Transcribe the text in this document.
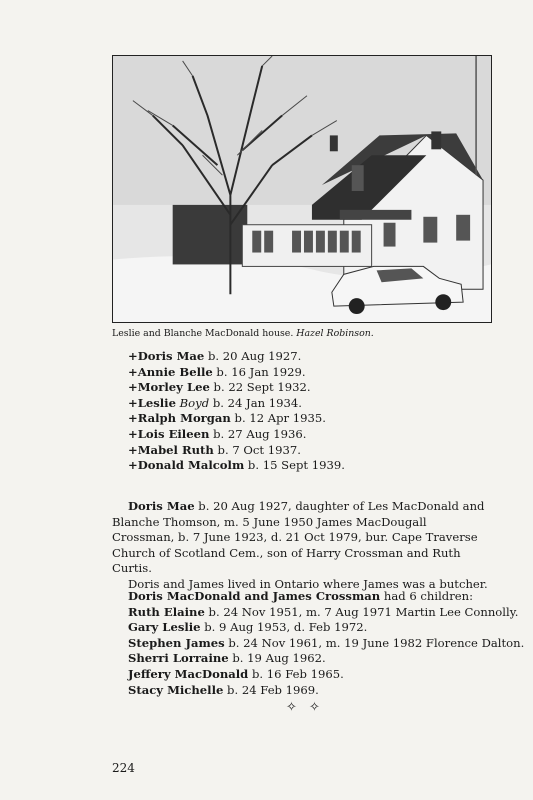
Leslie and Blanche MacDonald house. Hazel Robinson.
+Doris Mae b. 20 Aug 1927.
+Annie Belle b. 16 Jan 1929.
+Morley Lee b. 22 Sept 1932.
+Leslie Boyd b. 24 Jan 1934.
+Ralph Morgan b. 12 Apr 1935.
+Lois Eileen b. 27 Aug 1936.
+Mabel Ruth b. 7 Oct 1937.
+Donald Malcolm b. 15 Sept 1939.

Doris Mae b. 20 Aug 1927, daughter of Les MacDonald and Blanche Thomson, m. 5 June 1950 James MacDougall Crossman, b. 7 June 1923, d. 21 Oct 1979, bur. Cape Traverse Church of Scotland Cem., son of Harry Crossman and Ruth Curtis.

Doris and James lived in Ontario where James was a butcher.

Doris MacDonald and James Crossman had 6 children:
Ruth Elaine b. 24 Nov 1951, m. 7 Aug 1971 Martin Lee Connolly.
Gary Leslie b. 9 Aug 1953, d. Feb 1972.
Stephen James b. 24 Nov 1961, m. 19 June 1982 Florence Dalton.
Sherri Lorraine b. 19 Aug 1962.
Jeffery MacDonald b. 16 Feb 1965.
Stacy Michelle b. 24 Feb 1969.
✧ ✧
224
